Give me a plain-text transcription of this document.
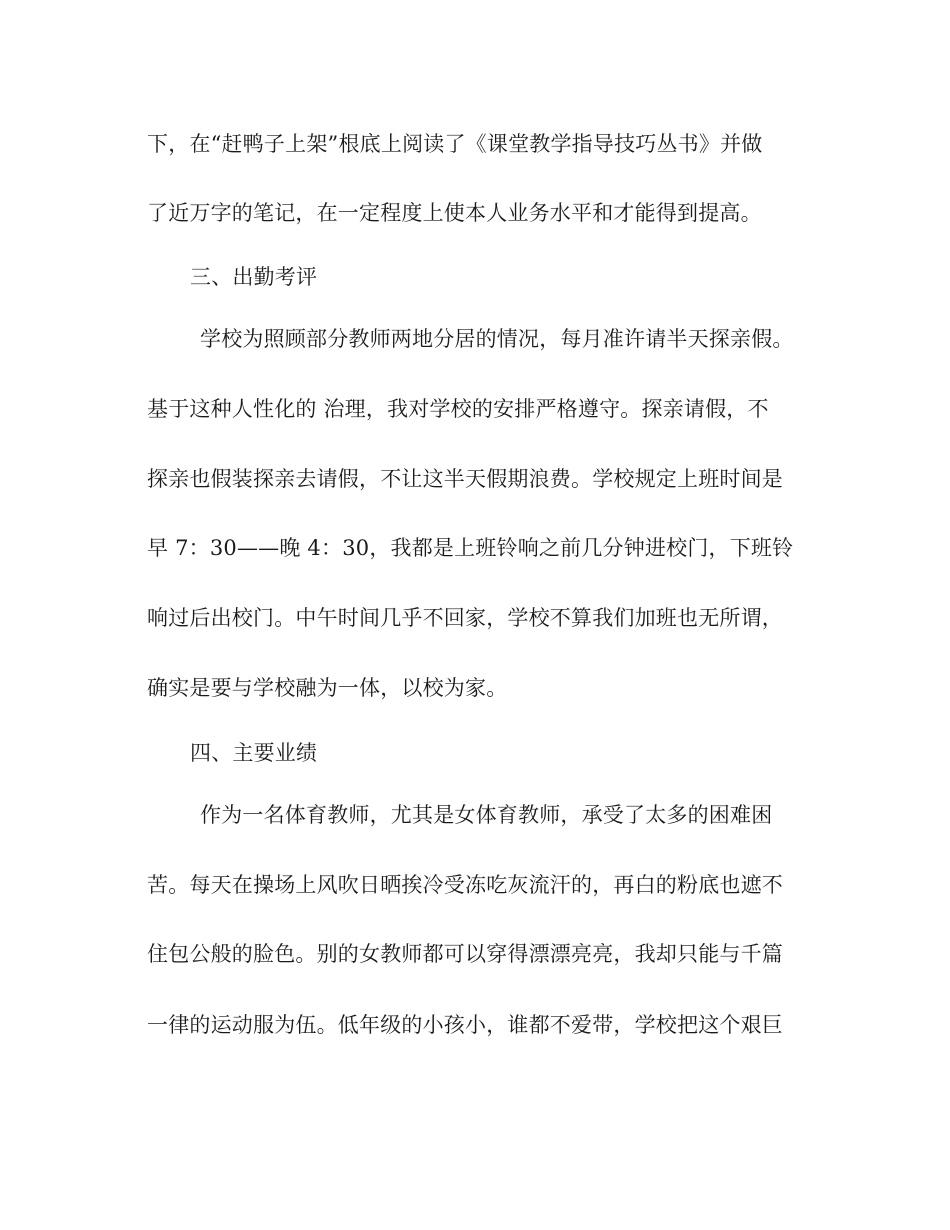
下，在“赶鸭子上架”根底上阅读了《课堂教学指导技巧丛书》并做
了近万字的笔记，在一定程度上使本人业务水平和才能得到提高。
三、出勤考评
学校为照顾部分教师两地分居的情况，每月准许请半天探亲假。
基于这种人性化的 治理，我对学校的安排严格遵守。探亲请假，不
探亲也假装探亲去请假，不让这半天假期浪费。学校规定上班时间是
早 7：30——晚 4：30，我都是上班铃响之前几分钟进校门，下班铃
响过后出校门。中午时间几乎不回家，学校不算我们加班也无所谓，
确实是要与学校融为一体，以校为家。
四、主要业绩
作为一名体育教师，尤其是女体育教师，承受了太多的困难困
苦。每天在操场上风吹日晒挨冷受冻吃灰流汗的，再白的粉底也遮不
住包公般的脸色。别的女教师都可以穿得漂漂亮亮，我却只能与千篇
一律的运动服为伍。低年级的小孩小，谁都不爱带，学校把这个艰巨
